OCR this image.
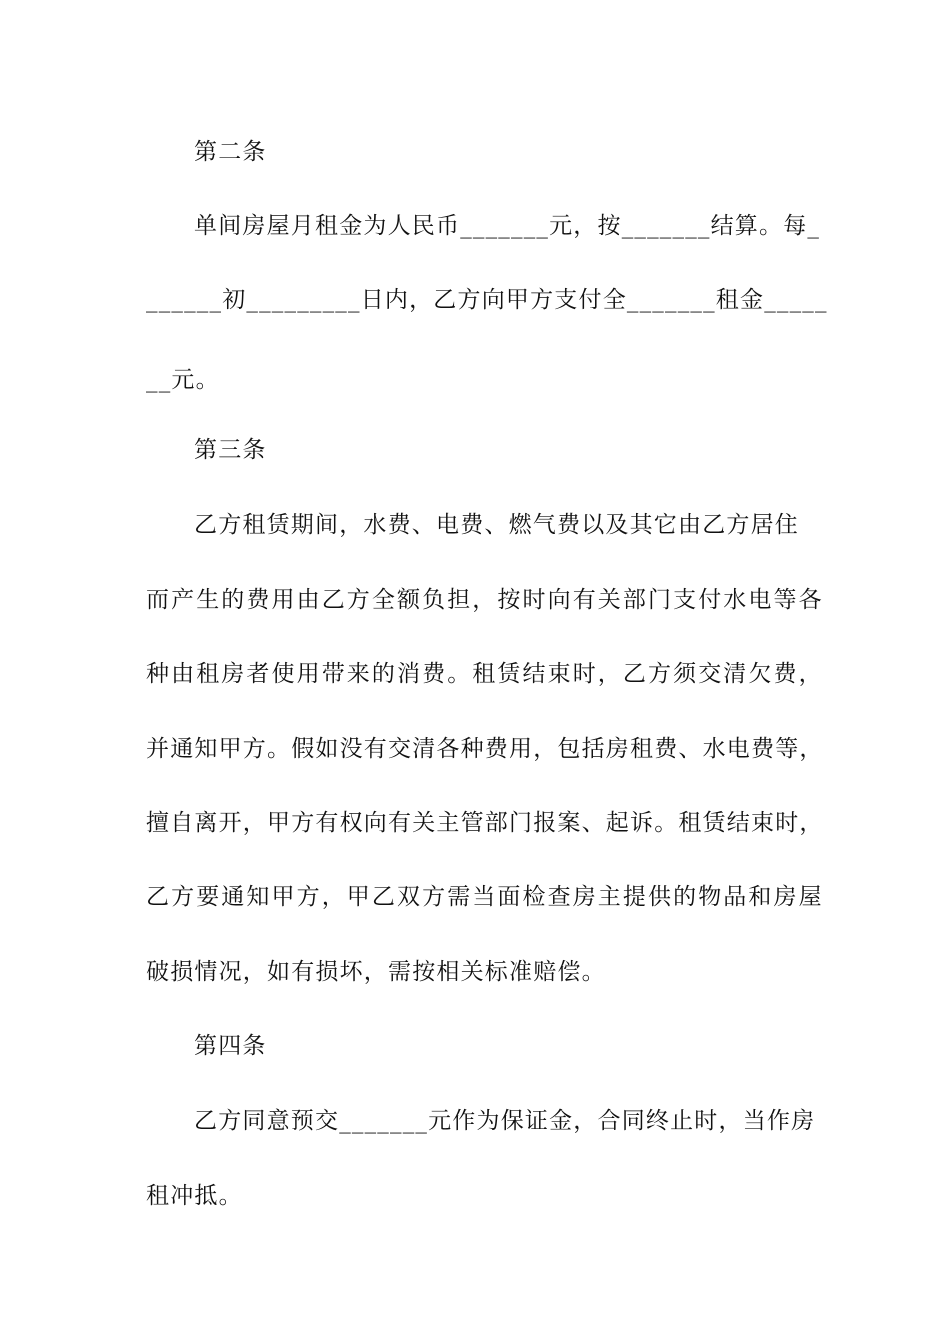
第二条
单间房屋月租金为人民币_______元，按_______结算。每_
______初_________日内，乙方向甲方支付全_______租金_____
__元。
第三条
乙方租赁期间，水费、电费、燃气费以及其它由乙方居住
而产生的费用由乙方全额负担，按时向有关部门支付水电等各
种由租房者使用带来的消费。租赁结束时，乙方须交清欠费，
并通知甲方。假如没有交清各种费用，包括房租费、水电费等，
擅自离开，甲方有权向有关主管部门报案、起诉。租赁结束时，
乙方要通知甲方，甲乙双方需当面检查房主提供的物品和房屋
破损情况，如有损坏，需按相关标准赔偿。
第四条
乙方同意预交_______元作为保证金，合同终止时，当作房
租冲抵。
